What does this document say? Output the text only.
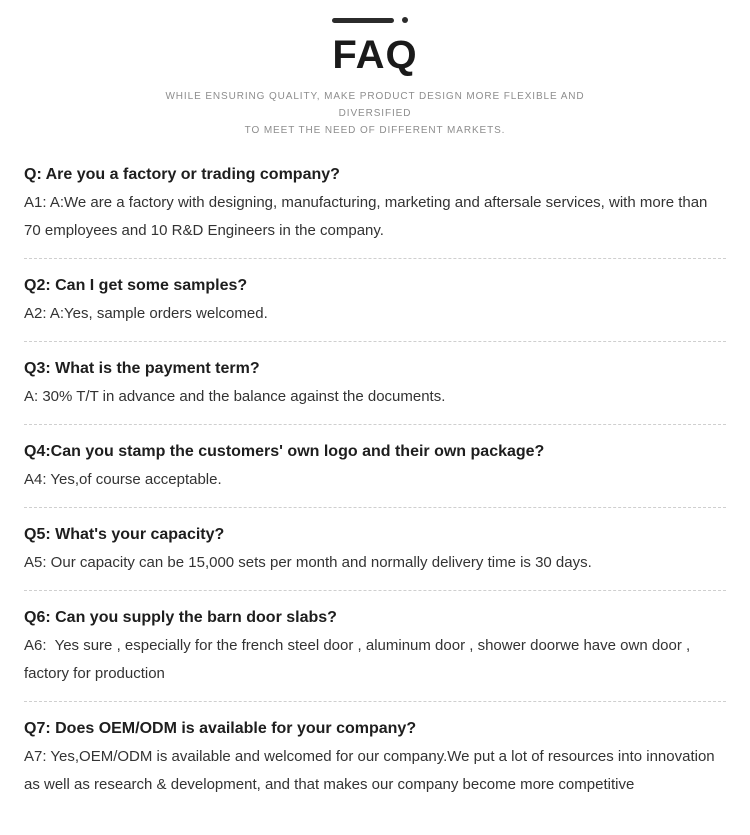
FAQ
WHILE ENSURING QUALITY, MAKE PRODUCT DESIGN MORE FLEXIBLE AND DIVERSIFIED
TO MEET THE NEED OF DIFFERENT MARKETS.

Q: Are you a factory or trading company?

A1: A:We are a factory with designing, manufacturing, marketing and aftersale services, with more than 70 employees and 10 R&D Engineers in the company.

Q2: Can I get some samples?

A2: A:Yes, sample orders welcomed.

Q3: What is the payment term?

A: 30% T/T in advance and the balance against the documents.

Q4:Can you stamp the customers' own logo and their own package?

A4: Yes,of course acceptable.

Q5: What's your capacity?

A5: Our capacity can be 15,000 sets per month and normally delivery time is 30 days.

Q6: Can you supply the barn door slabs?

A6:  Yes sure , especially for the french steel door , aluminum door , shower doorwe have own door , factory for production

Q7: Does OEM/ODM is available for your company?

A7: Yes,OEM/ODM is available and welcomed for our company.We put a lot of resources into innovation as well as research & development, and that makes our company become more competitive
